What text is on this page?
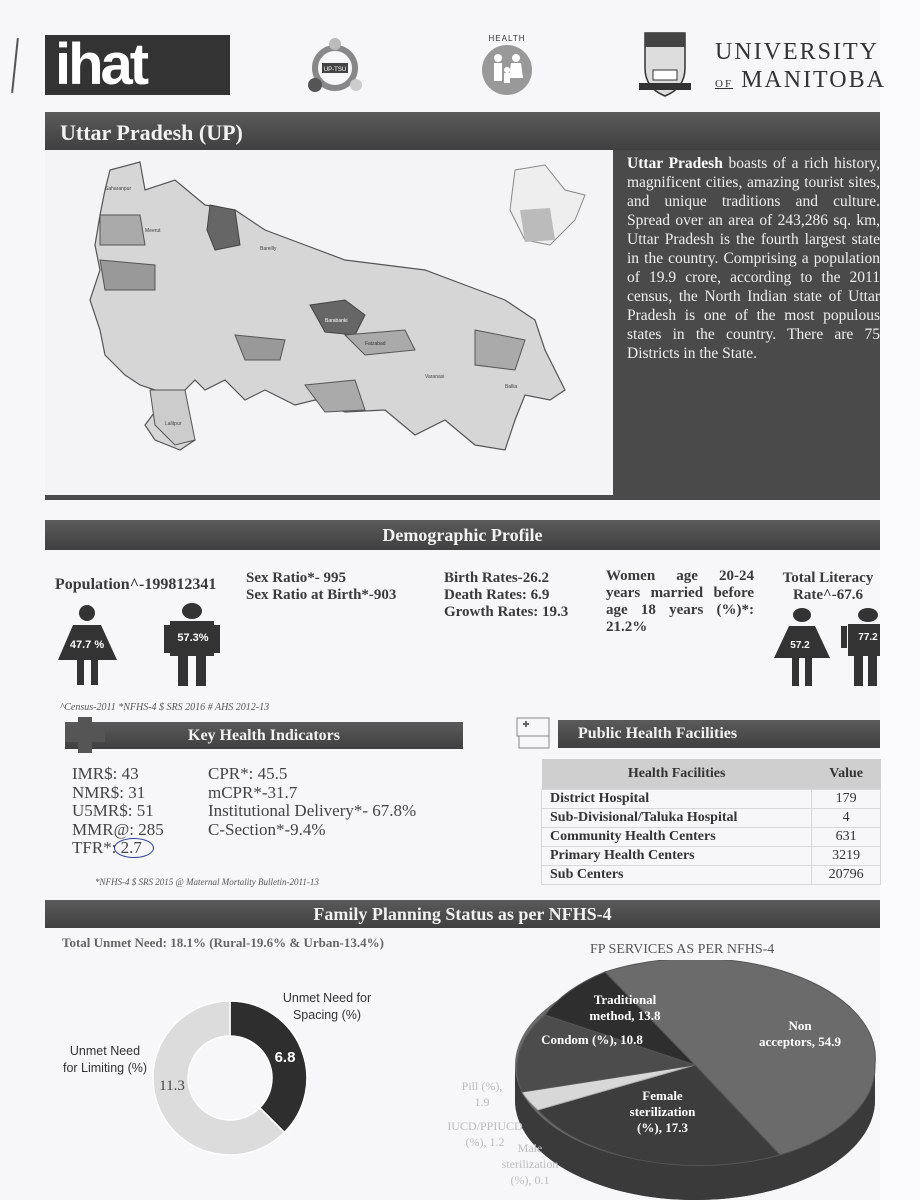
ihat	UP-TSU
HEALTH
UNIVERSITY
OF MANITOBA
Uttar Pradesh (UP)
Saharanpur
Meerut
Bareilly
Barabanki
Faizabad
Varanasi
Lalitpur
Ballia
Uttar Pradesh boasts of a rich history, magnificent cities, amazing tourist sites, and unique traditions and culture. Spread over an area of 243,286 sq. km, Uttar Pradesh is the fourth largest state in the country. Comprising a population of 19.9 crore, according to the 2011 census, the North Indian state of Uttar Pradesh is one of the most populous states in the country. There are 75 Districts in the State.
Demographic Profile
Population^-199812341
47.7 %
57.3%
Sex Ratio*- 995
Sex Ratio at Birth*-903
Birth Rates-26.2
Death Rates: 6.9
Growth Rates: 19.3
Women age 20-24 years married before age 18 years (%)*: 21.2%
Total Literacy
Rate^-67.6
57.2
77.2
^Census-2011 *NFHS-4 $ SRS 2016 # AHS 2012-13
Key Health Indicators
IMR$: 43
NMR$: 31
U5MR$: 51
MMR@: 285
TFR*: 2.7
CPR*: 45.5
mCPR*-31.7
Institutional Delivery*- 67.8%
C-Section*-9.4%
*NFHS-4 $ SRS 2015 @ Maternal Mortality Bulletin-2011-13
Public Health Facilities
Health Facilities	Value
District Hospital	179
Sub-Divisional/Taluka Hospital	4
Community Health Centers	631
Primary Health Centers	3219
Sub Centers	20796
Family Planning Status as per NFHS-4
Total Unmet Need: 18.1% (Rural-19.6% & Urban-13.4%)
6.8
11.3
Unmet Need for
Spacing (%)
Unmet Need
for Limiting (%)
FP SERVICES AS PER NFHS-4
Traditional
method, 13.8
Condom (%), 10.8
Non
acceptors, 54.9
Female
sterilization
(%), 17.3
Pill (%),
1.9
IUCD/PPIUCD
(%), 1.2	Male
sterilization
(%), 0.1
